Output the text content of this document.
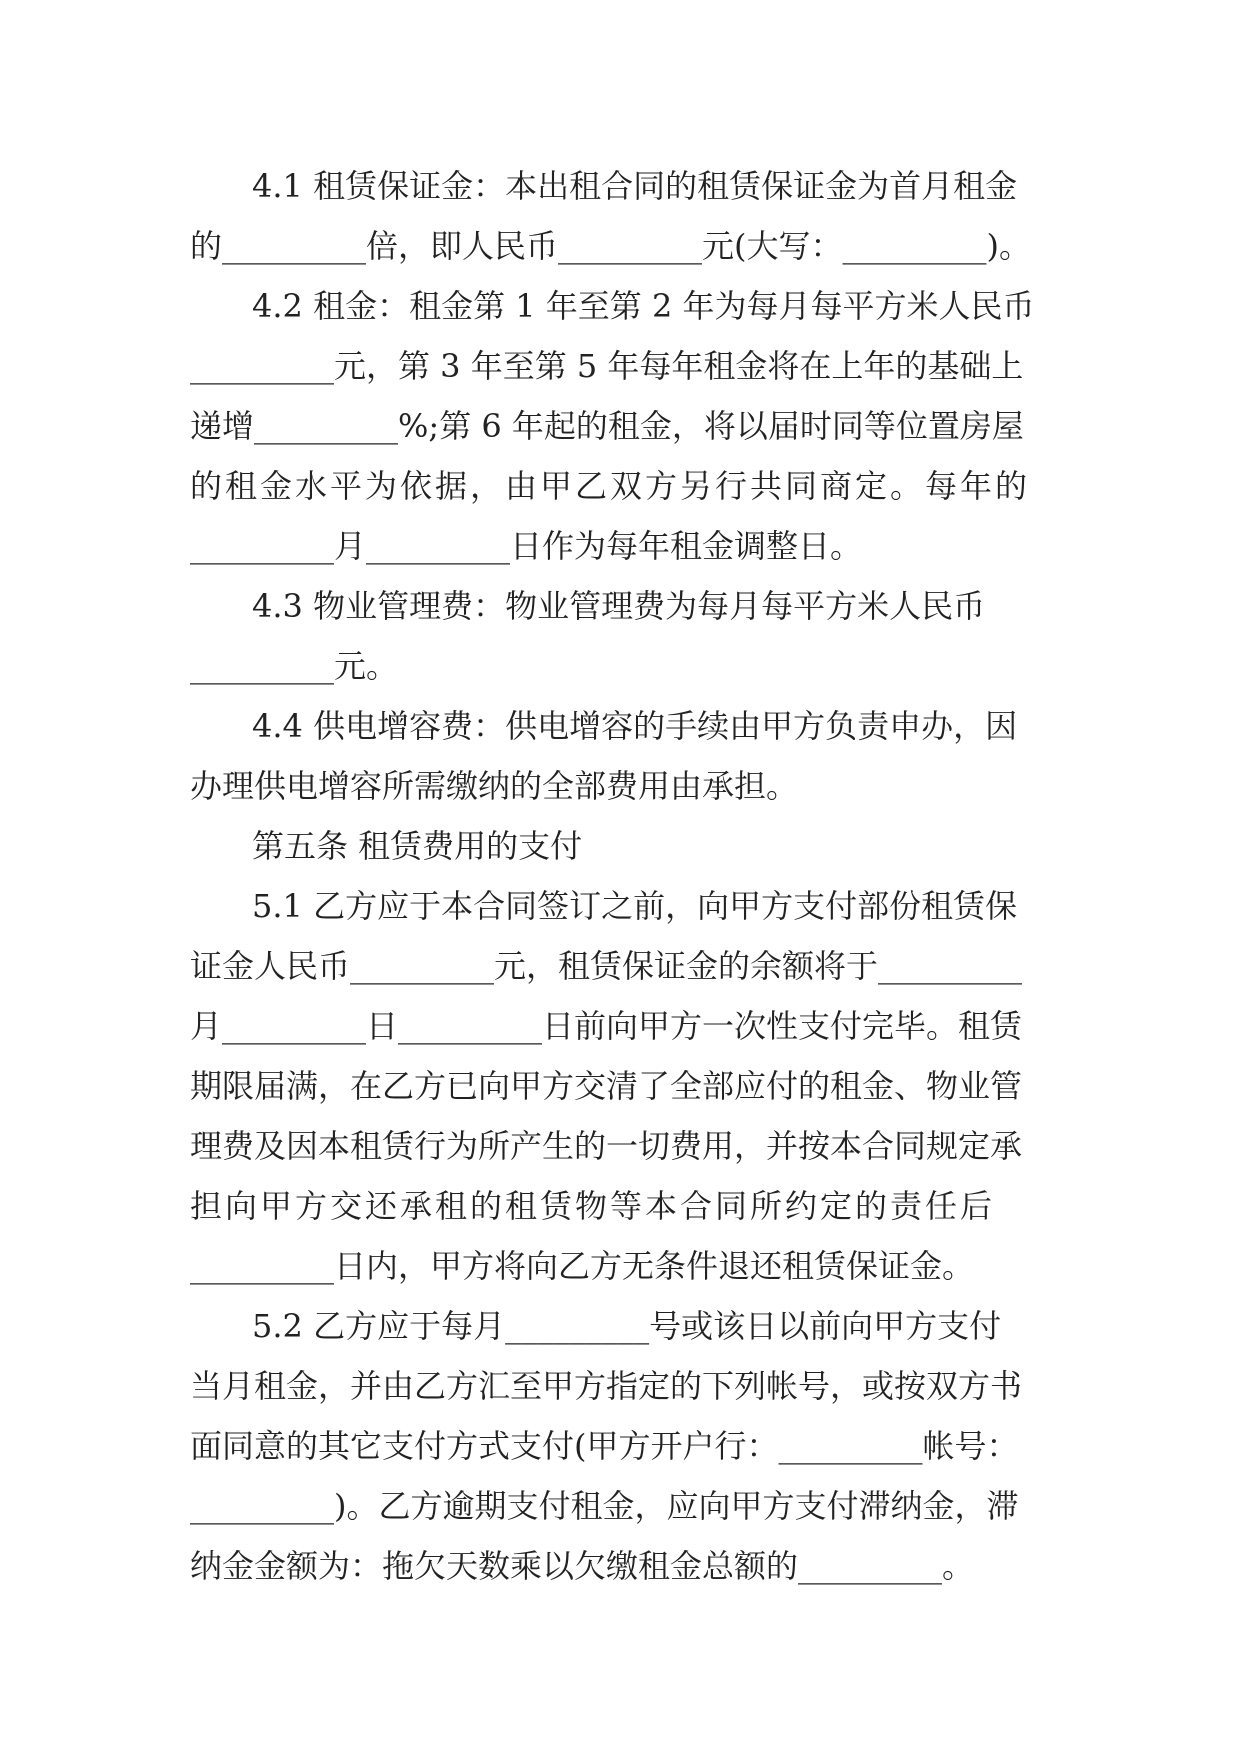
4.1 租赁保证金：本出租合同的租赁保证金为首月租金
的_________倍，即人民币_________元(大写：_________)。
4.2 租金：租金第 1 年至第 2 年为每月每平方米人民币
_________元，第 3 年至第 5 年每年租金将在上年的基础上
递增_________%;第 6 年起的租金，将以届时同等位置房屋
的租金水平为依据，由甲乙双方另行共同商定。每年的
_________月_________日作为每年租金调整日。
4.3 物业管理费：物业管理费为每月每平方米人民币
_________元。
4.4 供电增容费：供电增容的手续由甲方负责申办，因
办理供电增容所需缴纳的全部费用由承担。
第五条 租赁费用的支付
5.1 乙方应于本合同签订之前，向甲方支付部份租赁保
证金人民币_________元，租赁保证金的余额将于_________
月_________日_________日前向甲方一次性支付完毕。租赁
期限届满，在乙方已向甲方交清了全部应付的租金、物业管
理费及因本租赁行为所产生的一切费用，并按本合同规定承
担向甲方交还承租的租赁物等本合同所约定的责任后
_________日内，甲方将向乙方无条件退还租赁保证金。
5.2 乙方应于每月_________号或该日以前向甲方支付
当月租金，并由乙方汇至甲方指定的下列帐号，或按双方书
面同意的其它支付方式支付(甲方开户行：_________帐号：
_________)。乙方逾期支付租金，应向甲方支付滞纳金，滞
纳金金额为：拖欠天数乘以欠缴租金总额的_________。
